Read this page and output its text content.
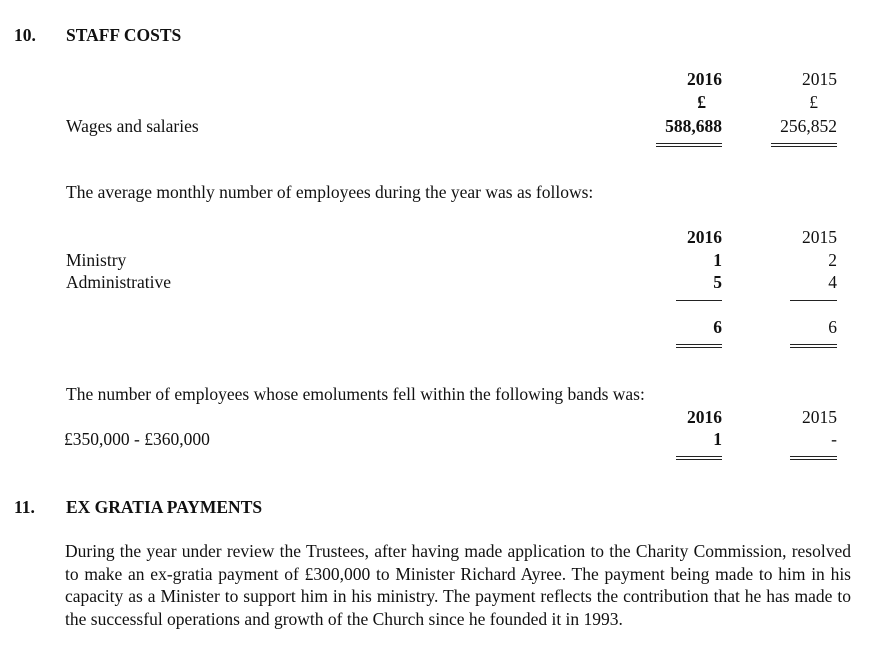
10. STAFF COSTS
2016	2015
£	£
Wages and salaries	588,688	256,852
The average monthly number of employees during the year was as follows:
2016	2015
Ministry	1	2
Administrative	5	4
6	6
The number of employees whose emoluments fell within the following bands was:
2016	2015
£350,000 - £360,000	1	-
11. EX GRATIA PAYMENTS
During the year under review the Trustees, after having made application to the Charity Commission, resolved to make an ex-gratia payment of £300,000 to Minister Richard Ayree. The payment being made to him in his capacity as a Minister to support him in his ministry. The payment reflects the contribution that he has made to the successful operations and growth of the Church since he founded it in 1993.
